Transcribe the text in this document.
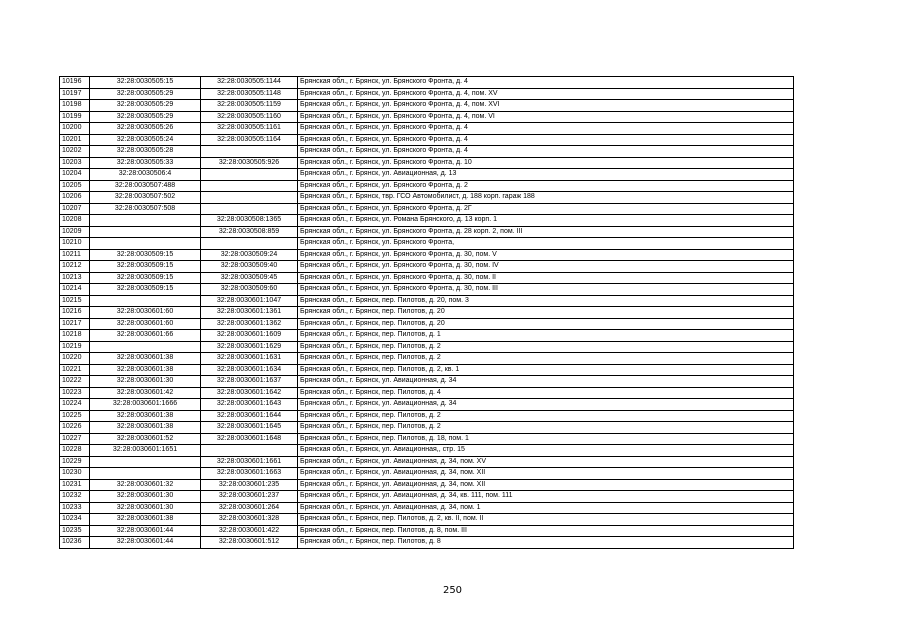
10196	32:28:0030505:15	32:28:0030505:1144	Брянская обл., г. Брянск, ул. Брянского Фронта, д. 4
10197	32:28:0030505:29	32:28:0030505:1148	Брянская обл., г. Брянск, ул. Брянского Фронта, д. 4, пом. XV
10198	32:28:0030505:29	32:28:0030505:1159	Брянская обл., г. Брянск, ул. Брянского Фронта, д. 4, пом. XVI
10199	32:28:0030505:29	32:28:0030505:1160	Брянская обл., г. Брянск, ул. Брянского Фронта, д. 4, пом. VI
10200	32:28:0030505:26	32:28:0030505:1161	Брянская обл., г. Брянск, ул. Брянского Фронта, д. 4
10201	32:28:0030505:24	32:28:0030505:1164	Брянская обл., г. Брянск, ул. Брянского Фронта, д. 4
10202	32:28:0030505:28		Брянская обл., г. Брянск, ул. Брянского Фронта, д. 4
10203	32:28:0030505:33	32:28:0030505:926	Брянская обл., г. Брянск, ул. Брянского Фронта, д. 10
10204	32:28:0030506:4		Брянская обл., г. Брянск, ул. Авиационная, д. 13
10205	32:28:0030507:488		Брянская обл., г. Брянск, ул. Брянского Фронта, д. 2
10206	32:28:0030507:502		Брянская обл., г. Брянск, твр. ГСО Автомобилист, д. 188 корп. гараж 188
10207	32:28:0030507:508		Брянская обл., г. Брянск, ул. Брянского Фронта, д. 2Г
10208		32:28:0030508:1365	Брянская обл., г. Брянск, ул. Романа Брянского, д. 13 корп. 1
10209		32:28:0030508:859	Брянская обл., г. Брянск, ул. Брянского Фронта, д. 28 корп. 2, пом. III
10210			Брянская обл., г. Брянск, ул. Брянского Фронта,
10211	32:28:0030509:15	32:28:0030509:24	Брянская обл., г. Брянск, ул. Брянского Фронта, д. 30, пом. V
10212	32:28:0030509:15	32:28:0030509:40	Брянская обл., г. Брянск, ул. Брянского Фронта, д. 30, пом. IV
10213	32:28:0030509:15	32:28:0030509:45	Брянская обл., г. Брянск, ул. Брянского Фронта, д. 30, пом. II
10214	32:28:0030509:15	32:28:0030509:60	Брянская обл., г. Брянск, ул. Брянского Фронта, д. 30, пом. III
10215		32:28:0030601:1047	Брянская обл., г. Брянск, пер. Пилотов, д. 20, пом. 3
10216	32:28:0030601:60	32:28:0030601:1361	Брянская обл., г. Брянск, пер. Пилотов, д. 20
10217	32:28:0030601:60	32:28:0030601:1362	Брянская обл., г. Брянск, пер. Пилотов, д. 20
10218	32:28:0030601:66	32:28:0030601:1609	Брянская обл., г. Брянск, пер. Пилотов, д. 1
10219		32:28:0030601:1629	Брянская обл., г. Брянск, пер. Пилотов, д. 2
10220	32:28:0030601:38	32:28:0030601:1631	Брянская обл., г. Брянск, пер. Пилотов, д. 2
10221	32:28:0030601:38	32:28:0030601:1634	Брянская обл., г. Брянск, пер. Пилотов, д. 2, кв. 1
10222	32:28:0030601:30	32:28:0030601:1637	Брянская обл., г. Брянск, ул. Авиационная, д. 34
10223	32:28:0030601:42	32:28:0030601:1642	Брянская обл., г. Брянск, пер. Пилотов, д. 4
10224	32:28:0030601:1666	32:28:0030601:1643	Брянская обл., г. Брянск, ул. Авиационная, д. 34
10225	32:28:0030601:38	32:28:0030601:1644	Брянская обл., г. Брянск, пер. Пилотов, д. 2
10226	32:28:0030601:38	32:28:0030601:1645	Брянская обл., г. Брянск, пер. Пилотов, д. 2
10227	32:28:0030601:52	32:28:0030601:1648	Брянская обл., г. Брянск, пер. Пилотов, д. 18, пом. 1
10228	32:28:0030601:1651		Брянская обл., г. Брянск, ул. Авиационная,, стр. 15
10229		32:28:0030601:1661	Брянская обл., г. Брянск, ул. Авиационная, д. 34, пом. XV
10230		32:28:0030601:1663	Брянская обл., г. Брянск, ул. Авиационная, д. 34, пом. XII
10231	32:28:0030601:32	32:28:0030601:235	Брянская обл., г. Брянск, ул. Авиационная, д. 34, пом. XII
10232	32:28:0030601:30	32:28:0030601:237	Брянская обл., г. Брянск, ул. Авиационная, д. 34, кв. 111, пом. 111
10233	32:28:0030601:30	32:28:0030601:264	Брянская обл., г. Брянск, ул. Авиационная, д. 34, пом. 1
10234	32:28:0030601:38	32:28:0030601:328	Брянская обл., г. Брянск, пер. Пилотов, д. 2, кв. II, пом. II
10235	32:28:0030601:44	32:28:0030601:422	Брянская обл., г. Брянск, пер. Пилотов, д. 8, пом. III
10236	32:28:0030601:44	32:28:0030601:512	Брянская обл., г. Брянск, пер. Пилотов, д. 8
250
